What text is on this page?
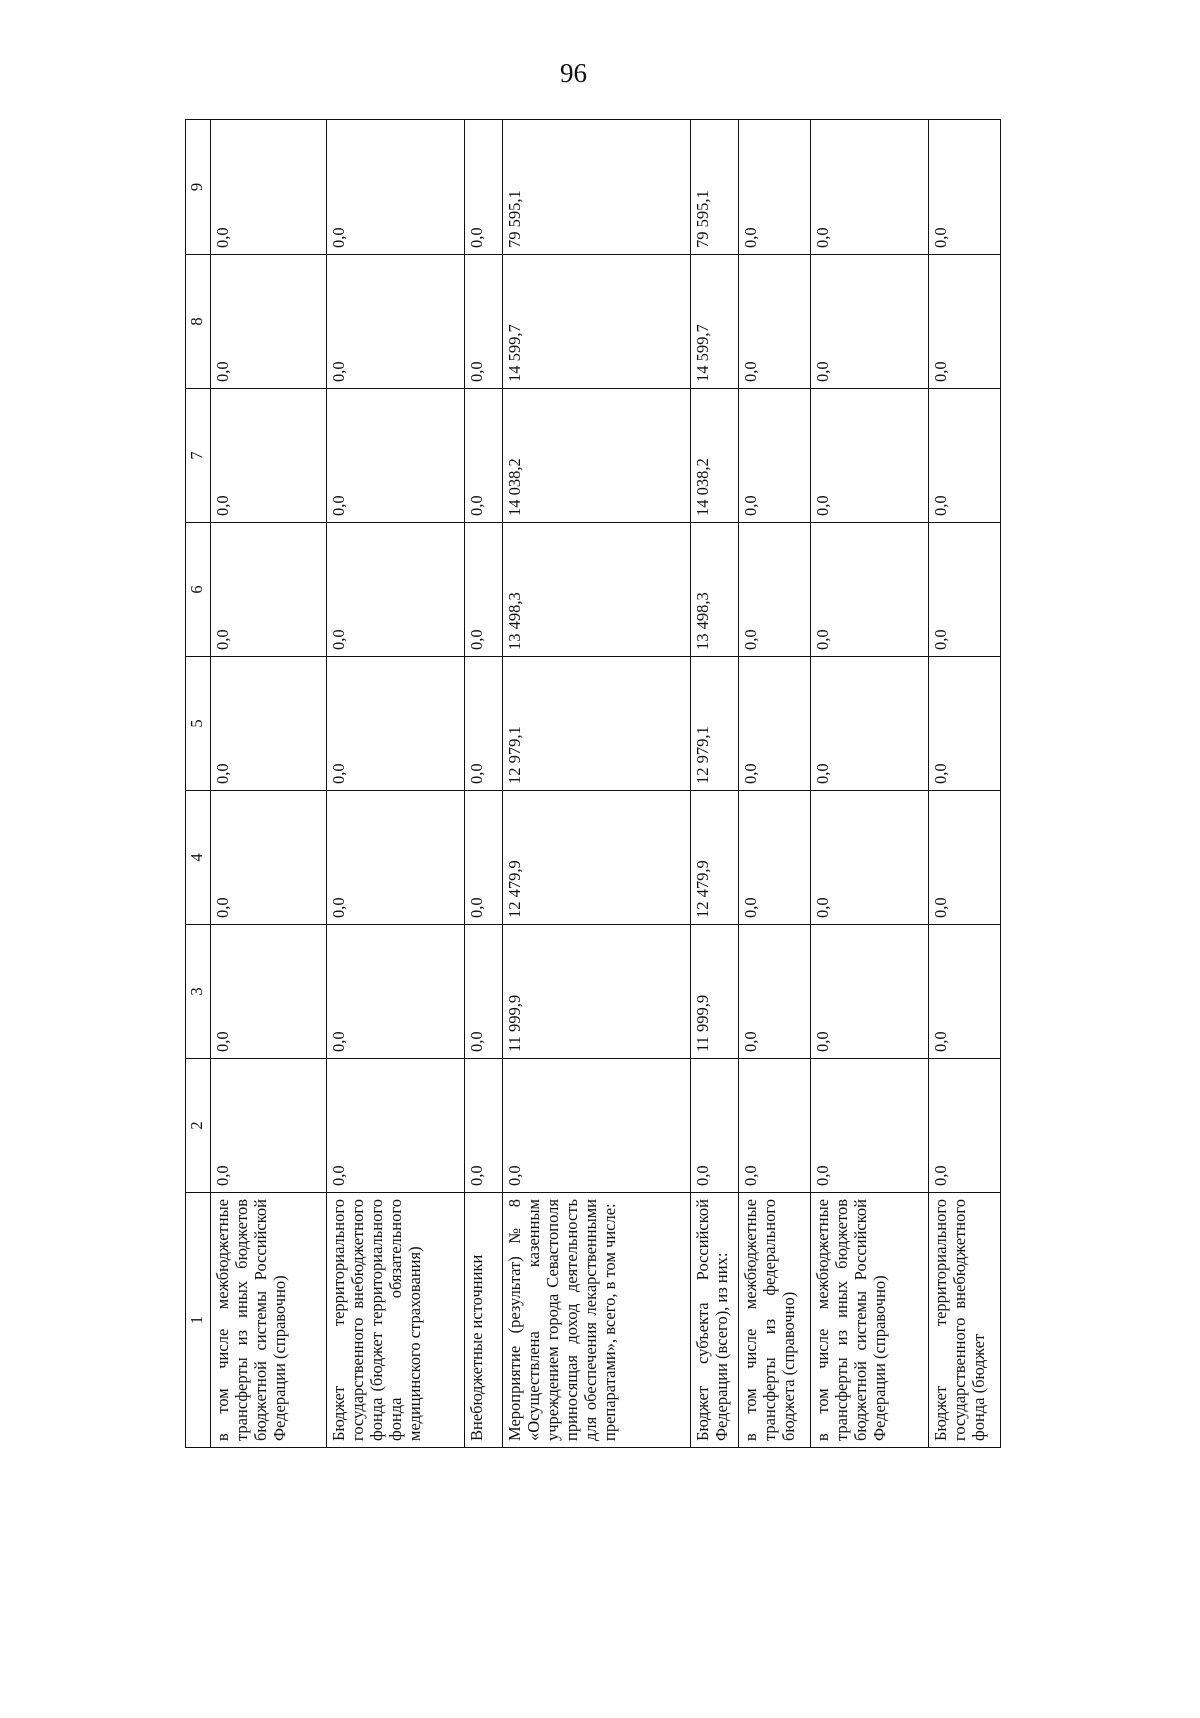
96
1	2	3	4	5	6	7	8	9
в том числе межбюджетные трансферты из иных бюджетов бюджетной системы Российской Федерации (справочно)	0,0	0,0	0,0	0,0	0,0	0,0	0,0	0,0
Бюджет территориального государственного внебюджетного фонда (бюджет территориального фонда обязательного медицинского страхования)	0,0	0,0	0,0	0,0	0,0	0,0	0,0	0,0
Внебюджетные источники	0,0	0,0	0,0	0,0	0,0	0,0	0,0	0,0
Мероприятие (результат) № 8 «Осуществлена казенным учреждением города Севастополя приносящая доход деятельность для обеспечения лекарственными препаратами», всего, в том числе:	0,0	11 999,9	12 479,9	12 979,1	13 498,3	14 038,2	14 599,7	79 595,1
Бюджет субъекта Российской Федерации (всего), из них:	0,0	11 999,9	12 479,9	12 979,1	13 498,3	14 038,2	14 599,7	79 595,1
в том числе межбюджетные трансферты из федерального бюджета (справочно)	0,0	0,0	0,0	0,0	0,0	0,0	0,0	0,0
в том числе межбюджетные трансферты из иных бюджетов бюджетной системы Российской Федерации (справочно)	0,0	0,0	0,0	0,0	0,0	0,0	0,0	0,0
Бюджет территориального государственного внебюджетного фонда (бюджет	0,0	0,0	0,0	0,0	0,0	0,0	0,0	0,0
